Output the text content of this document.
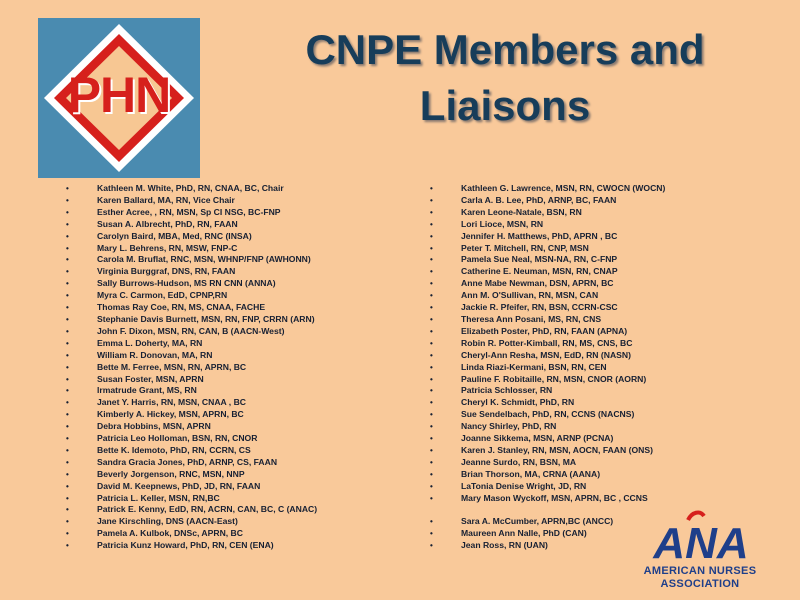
PHN
CNPE Members and Liaisons
• Kathleen M. White, PhD, RN, CNAA, BC, Chair
• Karen Ballard, MA, RN, Vice Chair
• Esther Acree, , RN, MSN, Sp CI NSG, BC-FNP
• Susan A. Albrecht, PhD, RN, FAAN
• Carolyn Baird, MBA, Med, RNC (INSA)
• Mary L. Behrens, RN, MSW, FNP-C
• Carola M. Bruflat, RNC, MSN, WHNP/FNP (AWHONN)
• Virginia Burggraf, DNS, RN, FAAN
• Sally Burrows-Hudson, MS RN CNN (ANNA)
• Myra C. Carmon, EdD, CPNP,RN
• Thomas Ray Coe, RN, MS, CNAA, FACHE
• Stephanie Davis Burnett, MSN, RN, FNP, CRRN (ARN)
• John F. Dixon, MSN, RN, CAN, B (AACN-West)
• Emma L. Doherty, MA, RN
• William R. Donovan, MA, RN
• Bette M. Ferree, MSN, RN, APRN, BC
• Susan Foster, MSN, APRN
• Irmatrude Grant, MS, RN
• Janet Y. Harris, RN, MSN, CNAA , BC
• Kimberly A. Hickey, MSN, APRN, BC
• Debra Hobbins, MSN, APRN
• Patricia Leo Holloman, BSN, RN, CNOR
• Bette K. Idemoto, PhD, RN, CCRN, CS
• Sandra Gracia Jones, PhD, ARNP, CS, FAAN
• Beverly Jorgenson, RNC, MSN, NNP
• David M. Keepnews, PhD, JD, RN, FAAN
• Patricia L. Keller, MSN, RN,BC
• Patrick E. Kenny, EdD, RN, ACRN, CAN, BC, C (ANAC)
• Jane Kirschling, DNS (AACN-East)
• Pamela A. Kulbok, DNSc, APRN, BC
• Patricia Kunz Howard, PhD, RN, CEN (ENA)
• Kathleen G. Lawrence, MSN, RN, CWOCN (WOCN)
• Carla A. B. Lee, PhD, ARNP, BC, FAAN
• Karen Leone-Natale, BSN, RN
• Lori Lioce, MSN, RN
• Jennifer H. Matthews, PhD, APRN , BC
• Peter T. Mitchell, RN, CNP, MSN
• Pamela Sue Neal, MSN-NA, RN, C-FNP
• Catherine E. Neuman, MSN, RN, CNAP
• Anne Mabe Newman, DSN, APRN, BC
• Ann M. O'Sullivan, RN, MSN, CAN
• Jackie R. Pfeifer, RN, BSN, CCRN-CSC
• Theresa Ann Posani, MS, RN, CNS
• Elizabeth Poster, PhD, RN, FAAN (APNA)
• Robin R. Potter-Kimball, RN, MS, CNS, BC
• Cheryl-Ann Resha, MSN, EdD, RN (NASN)
• Linda Riazi-Kermani, BSN, RN, CEN
• Pauline F. Robitaille, RN, MSN, CNOR (AORN)
• Patricia Schlosser, RN
• Cheryl K. Schmidt, PhD, RN
• Sue Sendelbach, PhD, RN, CCNS (NACNS)
• Nancy Shirley, PhD, RN
• Joanne Sikkema, MSN, ARNP (PCNA)
• Karen J. Stanley, RN, MSN, AOCN, FAAN (ONS)
• Jeanne Surdo, RN, BSN, MA
• Brian Thorson, MA, CRNA (AANA)
• LaTonia Denise Wright, JD, RN
• Mary Mason Wyckoff, MSN, APRN, BC , CCNS
• Sara A. McCumber, APRN,BC (ANCC)
• Maureen Ann Nalle, PhD (CAN)
• Jean Ross, RN (UAN)	ANA
AMERICAN NURSES
ASSOCIATION
